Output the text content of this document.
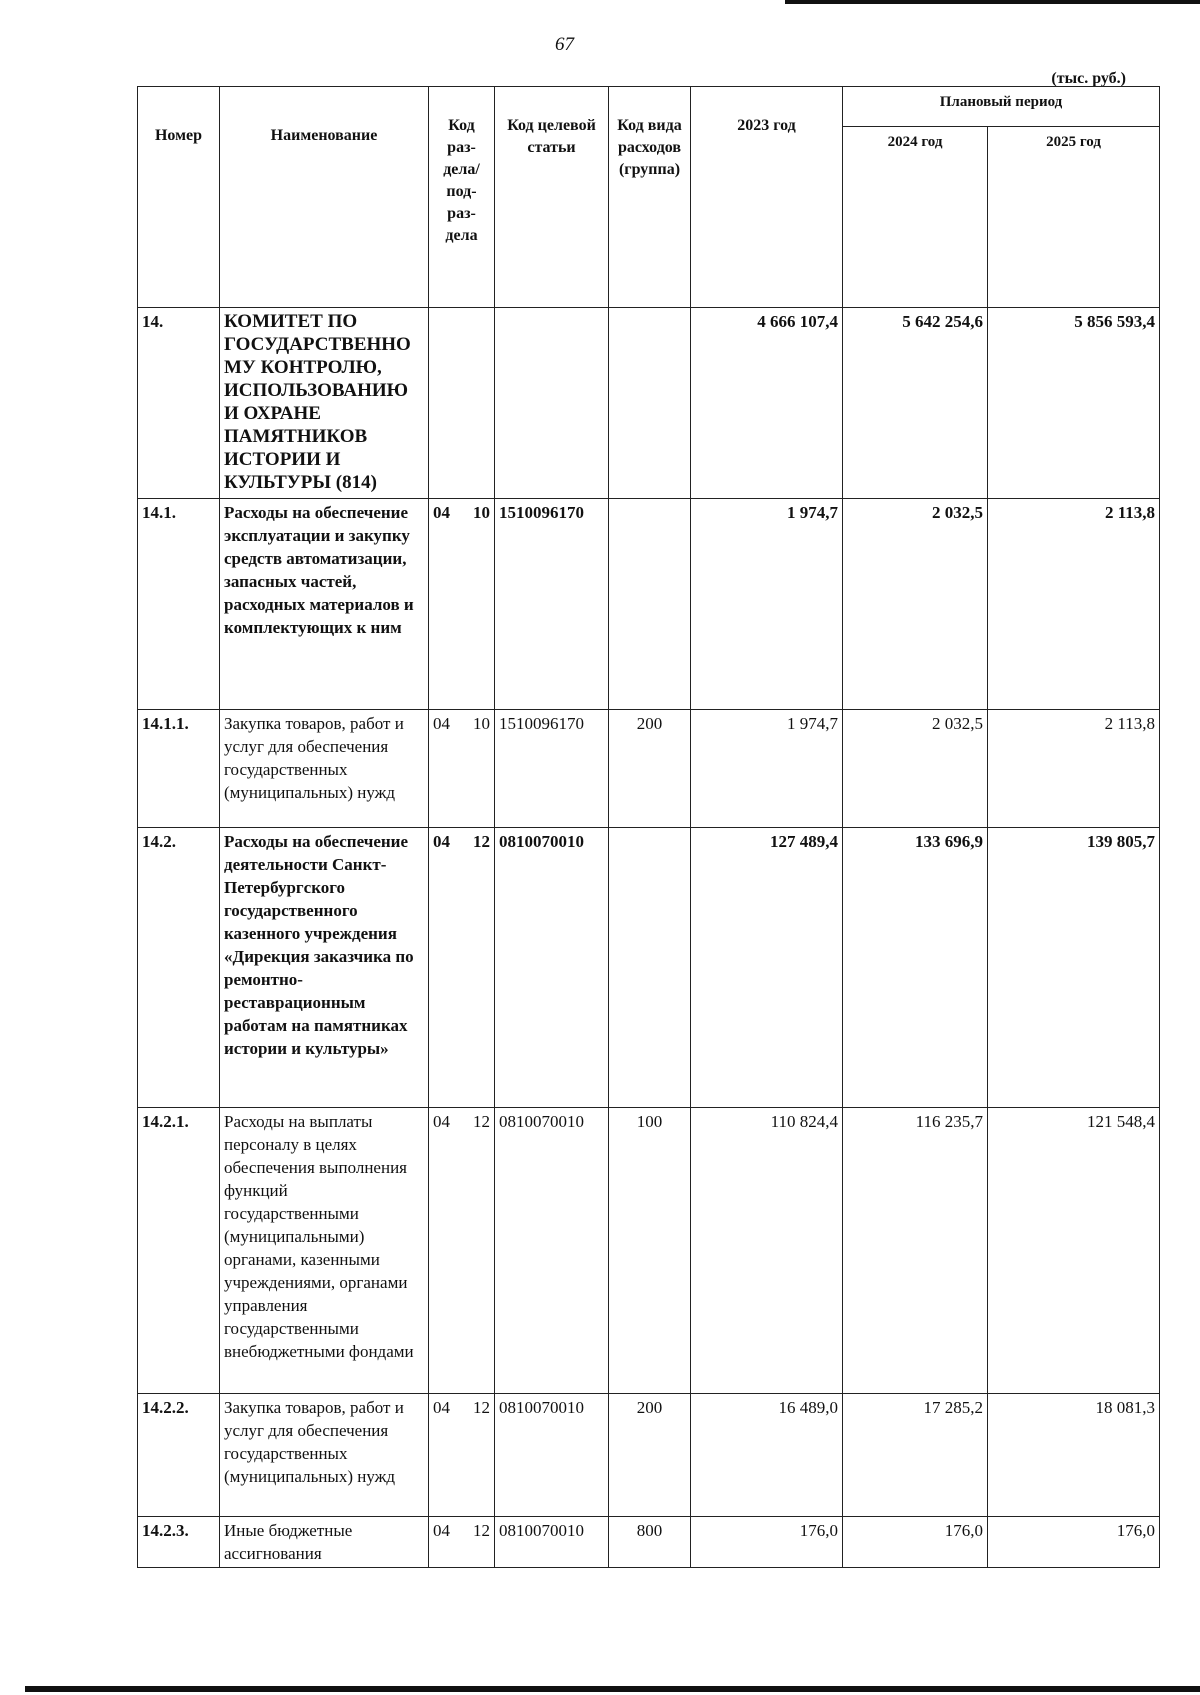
67
(тыс. руб.)
Номер	Наименование	Код раз-дела/ под-раз-дела	Код целевой статьи	Код вида расходов (группа)	2023 год	Плановый период	
						2024 год	2025 год
14.	КОМИТЕТ ПО ГОСУДАРСТВЕННО МУ КОНТРОЛЮ, ИСПОЛЬЗОВАНИЮ И ОХРАНЕ ПАМЯТНИКОВ ИСТОРИИ И КУЛЬТУРЫ (814)				4 666 107,4	5 642 254,6	5 856 593,4
14.1.	Расходы на обеспечение эксплуатации и закупку средств автоматизации, запасных частей, расходных материалов и комплектующих к ним	04 10	1510096170		1 974,7	2 032,5	2 113,8
14.1.1.	Закупка товаров, работ и услуг для обеспечения государственных (муниципальных) нужд	04 10	1510096170	200	1 974,7	2 032,5	2 113,8
14.2.	Расходы на обеспечение деятельности Санкт-Петербургского государственного казенного учреждения «Дирекция заказчика по ремонтно-реставрационным работам на памятниках истории и культуры»	04 12	0810070010		127 489,4	133 696,9	139 805,7
14.2.1.	Расходы на выплаты персоналу в целях обеспечения выполнения функций государственными (муниципальными) органами, казенными учреждениями, органами управления государственными внебюджетными фондами	04 12	0810070010	100	110 824,4	116 235,7	121 548,4
14.2.2.	Закупка товаров, работ и услуг для обеспечения государственных (муниципальных) нужд	04 12	0810070010	200	16 489,0	17 285,2	18 081,3
14.2.3.	Иные бюджетные ассигнования	04 12	0810070010	800	176,0	176,0	176,0
